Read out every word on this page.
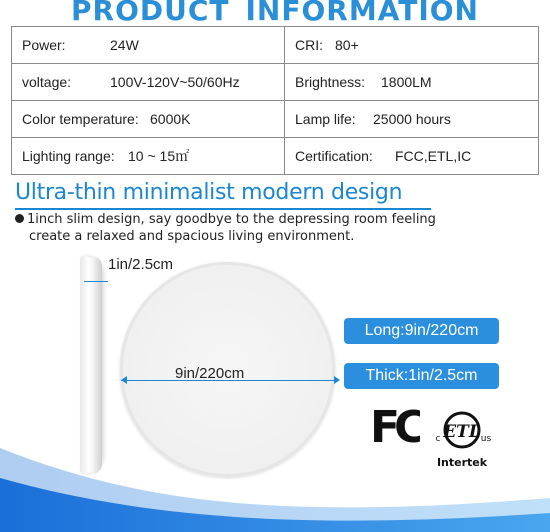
PRODUCT INFORMATION
Power: 24W	CRI: 80+
voltage: 100V-120V~50/60Hz	Brightness: 1800LM
Color temperature: 6000K	Lamp life: 25000 hours
Lighting range: 10 ~ 15㎡	Certification: FCC,ETL,IC
Ultra-thin minimalist modern design
1inch slim design, say goodbye to the depressing room feeling
create a relaxed and spacious living environment.
1in/2.5cm
9in/220cm
Long:9in/220cm
Thick:1in/2.5cm
FC ETL
c	us
Intertek
